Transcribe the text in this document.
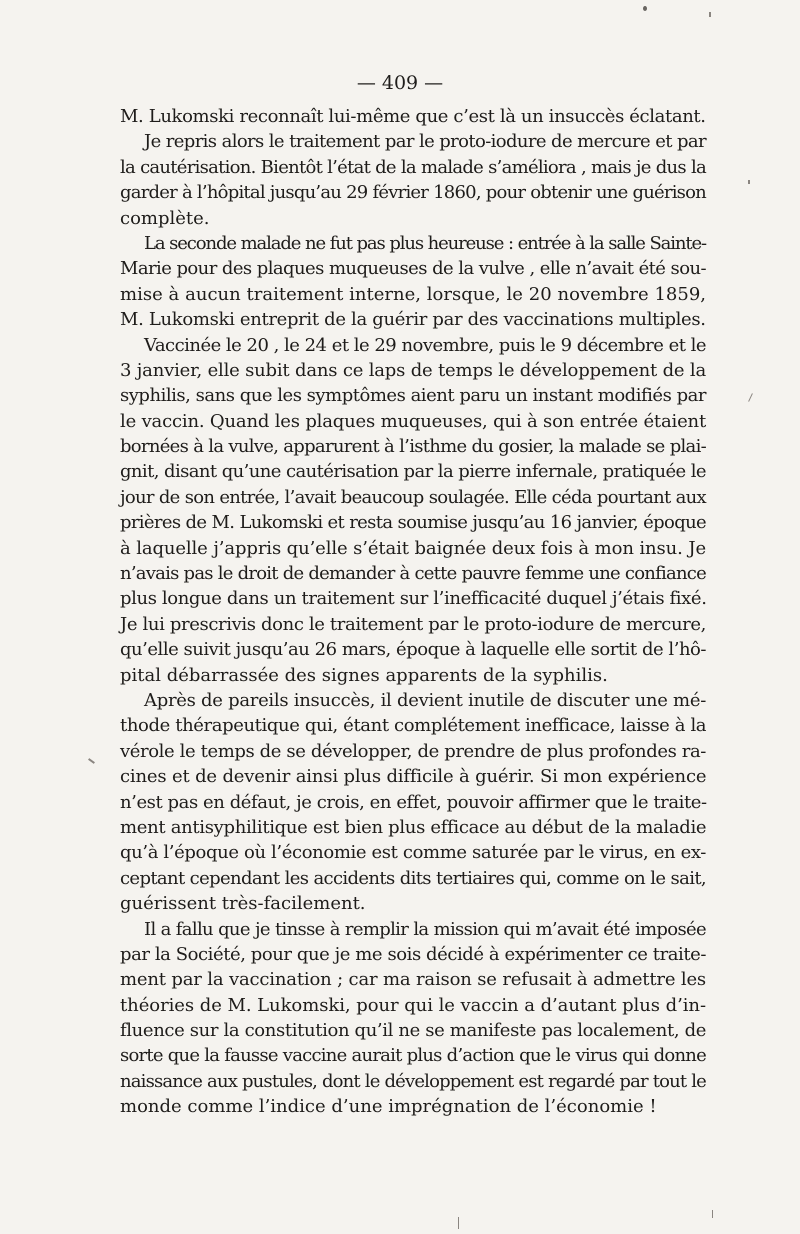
— 409 —
M. Lukomski reconnaît lui-même que c’est là un insuccès éclatant.
Je repris alors le traitement par le proto-iodure de mercure et par
la cautérisation. Bientôt l’état de la malade s’améliora , mais je dus la
garder à l’hôpital jusqu’au 29 février 1860, pour obtenir une guérison
complète.
La seconde malade ne fut pas plus heureuse : entrée à la salle Sainte-
Marie pour des plaques muqueuses de la vulve , elle n’avait été sou-
mise à aucun traitement interne, lorsque, le 20 novembre 1859,
M. Lukomski entreprit de la guérir par des vaccinations multiples.
Vaccinée le 20 , le 24 et le 29 novembre, puis le 9 décembre et le
3 janvier, elle subit dans ce laps de temps le développement de la
syphilis, sans que les symptômes aient paru un instant modifiés par
le vaccin. Quand les plaques muqueuses, qui à son entrée étaient
bornées à la vulve, apparurent à l’isthme du gosier, la malade se plai-
gnit, disant qu’une cautérisation par la pierre infernale, pratiquée le
jour de son entrée, l’avait beaucoup soulagée. Elle céda pourtant aux
prières de M. Lukomski et resta soumise jusqu’au 16 janvier, époque
à laquelle j’appris qu’elle s’était baignée deux fois à mon insu. Je
n’avais pas le droit de demander à cette pauvre femme une confiance
plus longue dans un traitement sur l’inefficacité duquel j’étais fixé.
Je lui prescrivis donc le traitement par le proto-iodure de mercure,
qu’elle suivit jusqu’au 26 mars, époque à laquelle elle sortit de l’hô-
pital débarrassée des signes apparents de la syphilis.
Après de pareils insuccès, il devient inutile de discuter une mé-
thode thérapeutique qui, étant complétement inefficace, laisse à la
vérole le temps de se développer, de prendre de plus profondes ra-
cines et de devenir ainsi plus difficile à guérir. Si mon expérience
n’est pas en défaut, je crois, en effet, pouvoir affirmer que le traite-
ment antisyphilitique est bien plus efficace au début de la maladie
qu’à l’époque où l’économie est comme saturée par le virus, en ex-
ceptant cependant les accidents dits tertiaires qui, comme on le sait,
guérissent très-facilement.
Il a fallu que je tinsse à remplir la mission qui m’avait été imposée
par la Société, pour que je me sois décidé à expérimenter ce traite-
ment par la vaccination ; car ma raison se refusait à admettre les
théories de M. Lukomski, pour qui le vaccin a d’autant plus d’in-
fluence sur la constitution qu’il ne se manifeste pas localement, de
sorte que la fausse vaccine aurait plus d’action que le virus qui donne
naissance aux pustules, dont le développement est regardé par tout le
monde comme l’indice d’une imprégnation de l’économie !
